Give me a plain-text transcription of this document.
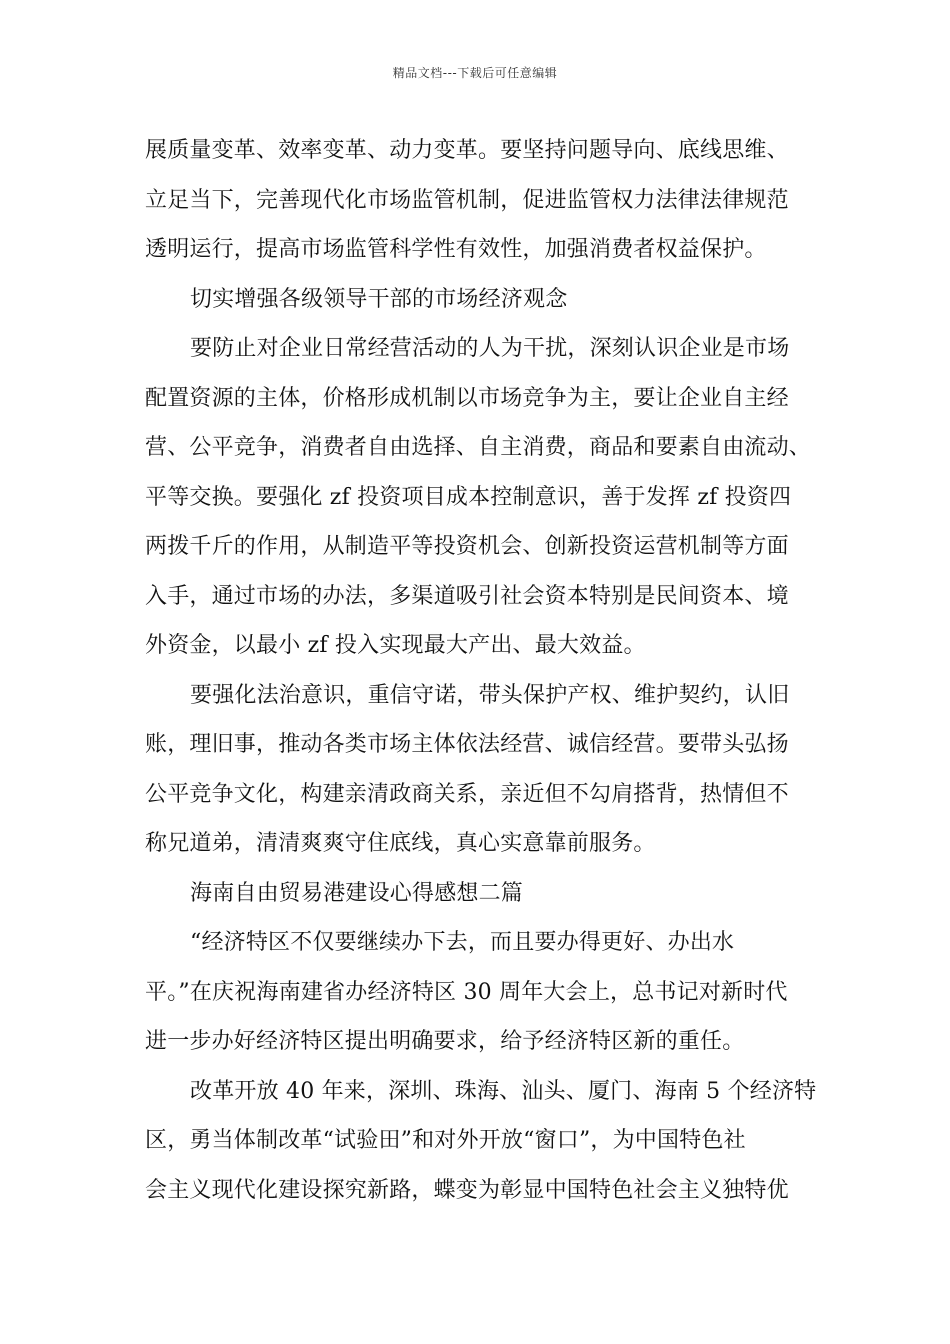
精品文档---下载后可任意编辑
展质量变革、效率变革、动力变革。要坚持问题导向、底线思维、
立足当下，完善现代化市场监管机制，促进监管权力法律法律规范
透明运行，提高市场监管科学性有效性，加强消费者权益保护。
切实增强各级领导干部的市场经济观念
要防止对企业日常经营活动的人为干扰，深刻认识企业是市场
配置资源的主体，价格形成机制以市场竞争为主，要让企业自主经
营、公平竞争，消费者自由选择、自主消费，商品和要素自由流动、
平等交换。要强化 zf 投资项目成本控制意识，善于发挥 zf 投资四
两拨千斤的作用，从制造平等投资机会、创新投资运营机制等方面
入手，通过市场的办法，多渠道吸引社会资本特别是民间资本、境
外资金，以最小 zf 投入实现最大产出、最大效益。
要强化法治意识，重信守诺，带头保护产权、维护契约，认旧
账，理旧事，推动各类市场主体依法经营、诚信经营。要带头弘扬
公平竞争文化，构建亲清政商关系，亲近但不勾肩搭背，热情但不
称兄道弟，清清爽爽守住底线，真心实意靠前服务。
海南自由贸易港建设心得感想二篇
“经济特区不仅要继续办下去，而且要办得更好、办出水
平。”在庆祝海南建省办经济特区 30 周年大会上，总书记对新时代
进一步办好经济特区提出明确要求，给予经济特区新的重任。
改革开放 40 年来，深圳、珠海、汕头、厦门、海南 5 个经济特
区，勇当体制改革“试验田”和对外开放“窗口”，为中国特色社
会主义现代化建设探究新路，蝶变为彰显中国特色社会主义独特优
